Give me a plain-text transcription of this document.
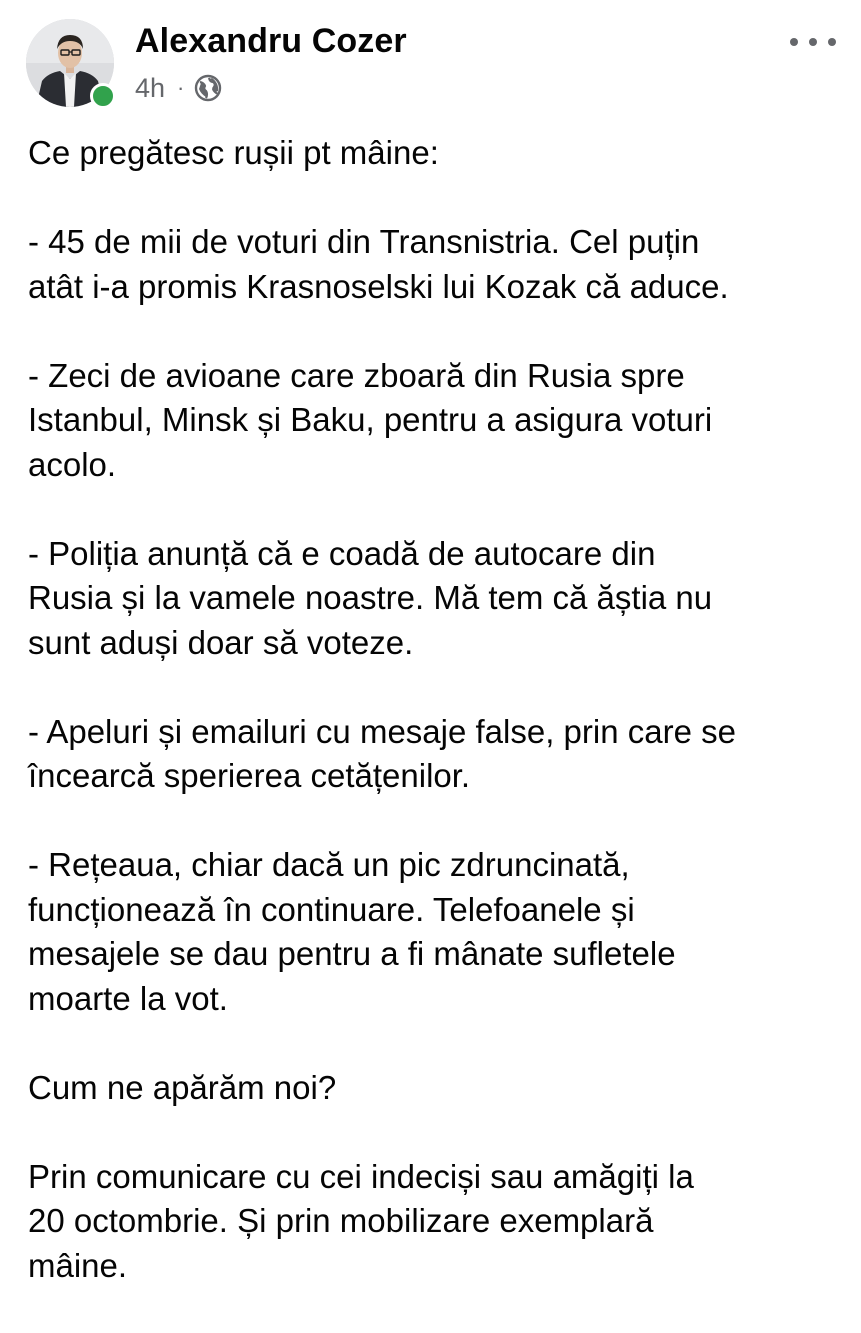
Alexandru Cozer
4h ·

Ce pregătesc rușii pt mâine:

- 45 de mii de voturi din Transnistria. Cel puțin
atât i-a promis Krasnoselski lui Kozak că aduce.

- Zeci de avioane care zboară din Rusia spre
Istanbul, Minsk și Baku, pentru a asigura voturi
acolo.

- Poliția anunță că e coadă de autocare din
Rusia și la vamele noastre. Mă tem că ăștia nu
sunt aduși doar să voteze.

- Apeluri și emailuri cu mesaje false, prin care se
încearcă sperierea cetățenilor.

- Rețeaua, chiar dacă un pic zdruncinată,
funcționează în continuare. Telefoanele și
mesajele se dau pentru a fi mânate sufletele
moarte la vot.

Cum ne apărăm noi?

Prin comunicare cu cei indeciși sau amăgiți la
20 octombrie. Și prin mobilizare exemplară
mâine.
